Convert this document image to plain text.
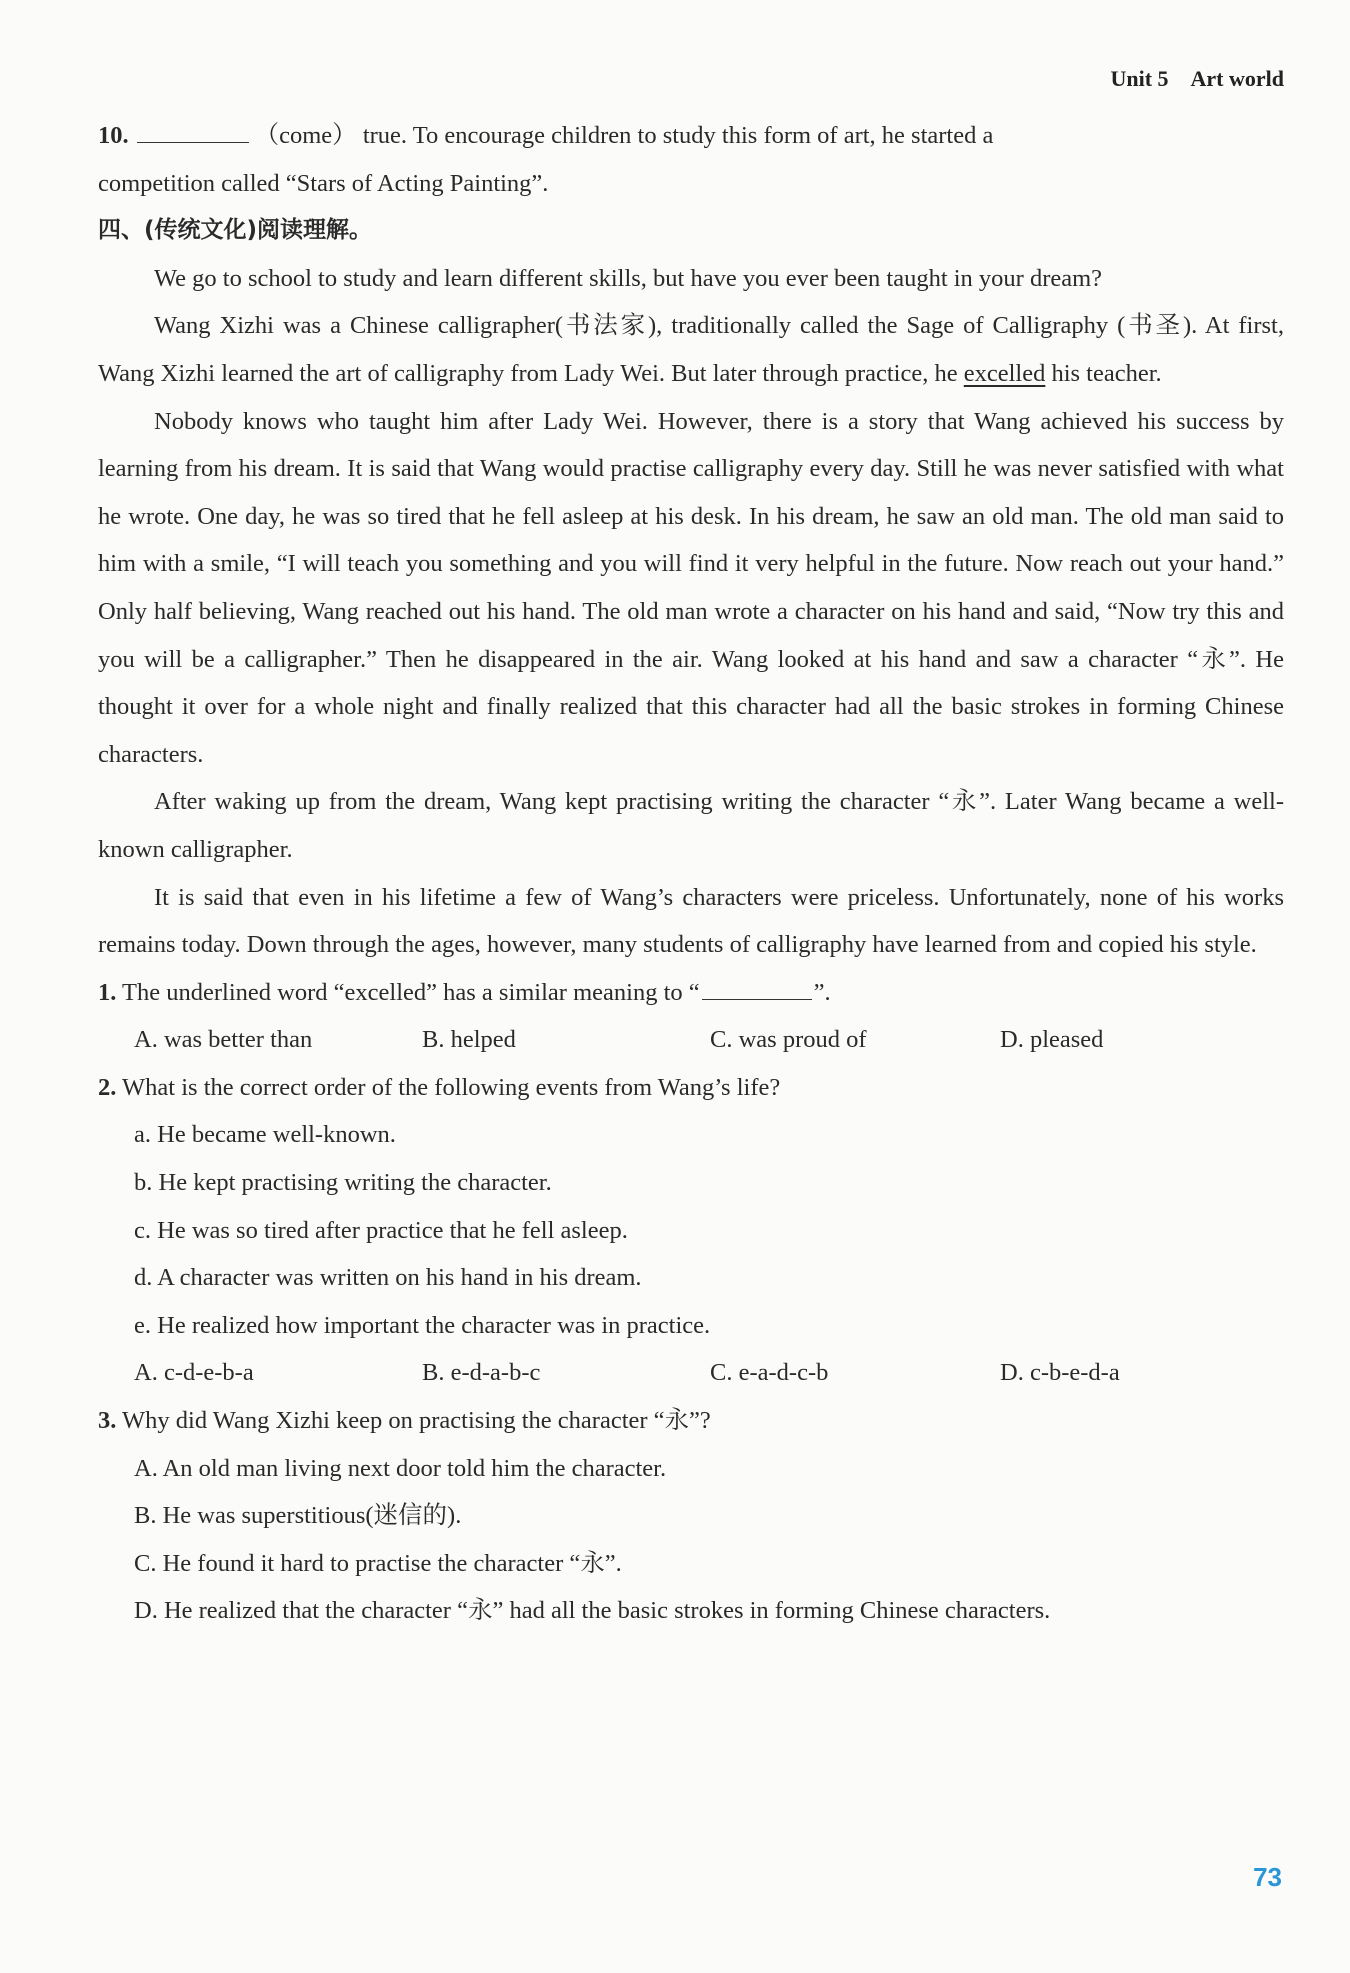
Unit 5 Art world

10.	（come） true. To encourage children to study this form of art, he started a

competition called “Stars of Acting Painting”.

四、(传统文化)阅读理解。

We go to school to study and learn different skills, but have you ever been taught in your dream?

Wang Xizhi was a Chinese calligrapher(书法家), traditionally called the Sage of Calligraphy (书圣). At first, Wang Xizhi learned the art of calligraphy from Lady Wei. But later through practice, he excelled his teacher.

Nobody knows who taught him after Lady Wei. However, there is a story that Wang achieved his success by learning from his dream. It is said that Wang would practise calligraphy every day. Still he was never satisfied with what he wrote. One day, he was so tired that he fell asleep at his desk. In his dream, he saw an old man. The old man said to him with a smile, “I will teach you something and you will find it very helpful in the future. Now reach out your hand.” Only half believing, Wang reached out his hand. The old man wrote a character on his hand and said, “Now try this and you will be a calligrapher.” Then he disappeared in the air. Wang looked at his hand and saw a character “永”. He thought it over for a whole night and finally realized that this character had all the basic strokes in forming Chinese characters.

After waking up from the dream, Wang kept practising writing the character “永”. Later Wang became a well-known calligrapher.

It is said that even in his lifetime a few of Wang’s characters were priceless. Unfortunately, none of his works remains today. Down through the ages, however, many students of calligraphy have learned from and copied his style.

1. The underlined word “excelled” has a similar meaning to “	”.

A. was better than	B. helped	C. was proud of	D. pleased

2. What is the correct order of the following events from Wang’s life?

a. He became well-known.

b. He kept practising writing the character.

c. He was so tired after practice that he fell asleep.

d. A character was written on his hand in his dream.

e. He realized how important the character was in practice.

A. c-d-e-b-a	B. e-d-a-b-c	C. e-a-d-c-b	D. c-b-e-d-a

3. Why did Wang Xizhi keep on practising the character “永”?

A. An old man living next door told him the character.

B. He was superstitious(迷信的).

C. He found it hard to practise the character “永”.

D. He realized that the character “永” had all the basic strokes in forming Chinese characters.

73
